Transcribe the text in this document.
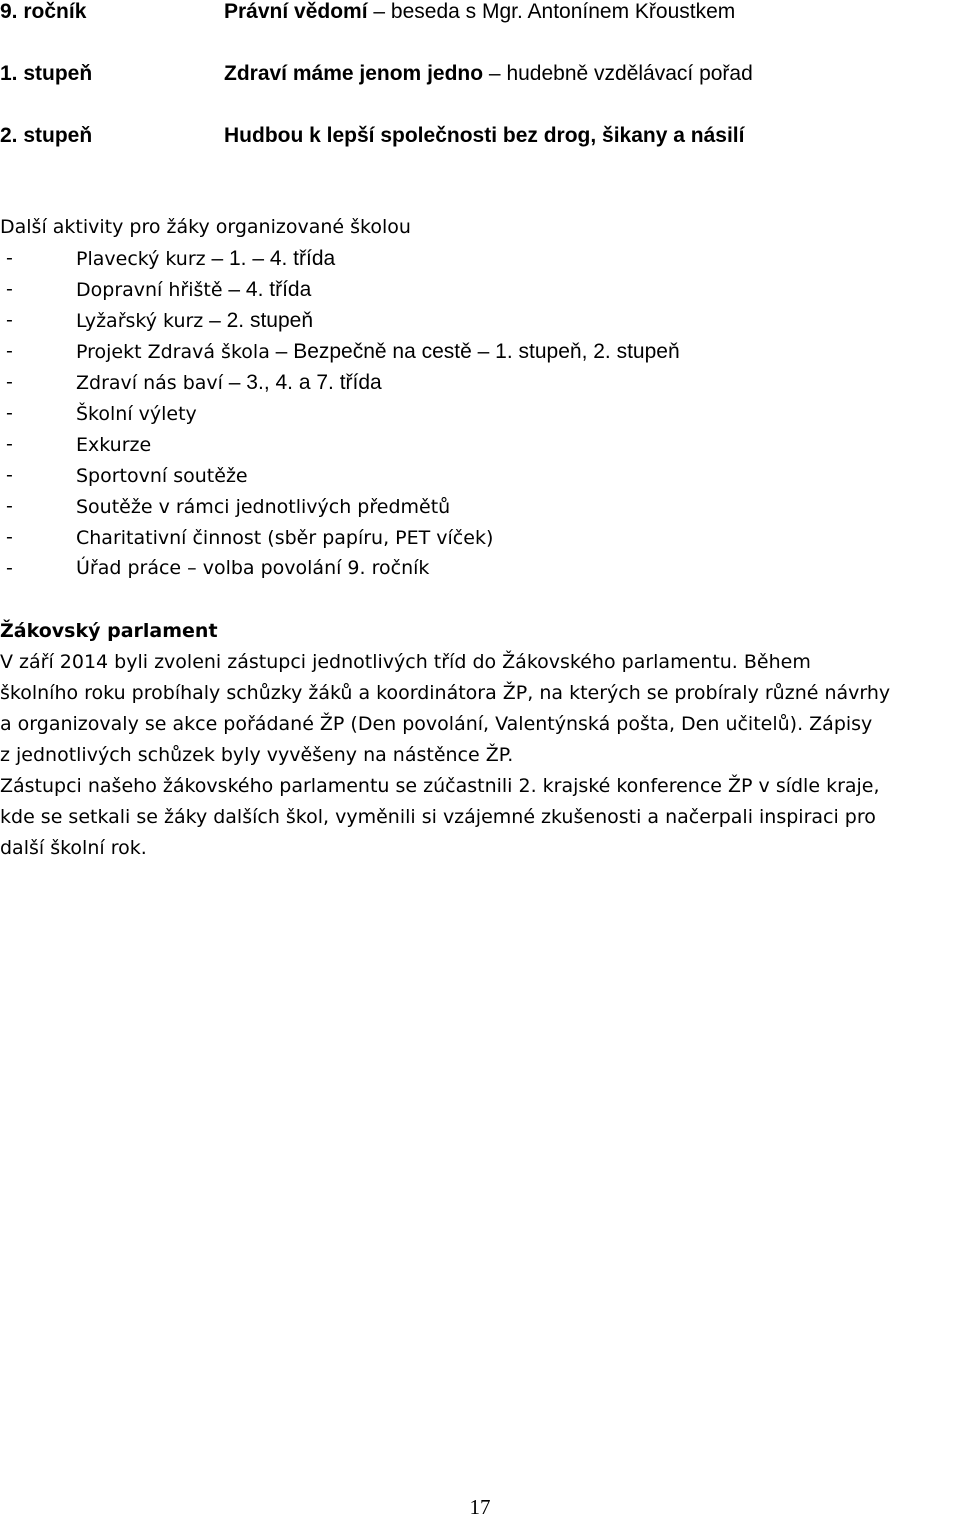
9. ročník	Právní vědomí – beseda s Mgr. Antonínem Křoustkem
1. stupeň	Zdraví máme jenom jedno – hudebně vzdělávací pořad
2. stupeň	Hudbou k lepší společnosti bez drog, šikany a násilí
Další aktivity pro žáky organizované školou
-	Plavecký kurz – 1. – 4. třída
-	Dopravní hřiště – 4. třída
-	Lyžařský kurz – 2. stupeň
-	Projekt Zdravá škola – Bezpečně na cestě – 1. stupeň, 2. stupeň
-	Zdraví nás baví – 3., 4. a 7. třída
-	Školní výlety
-	Exkurze
-	Sportovní soutěže
-	Soutěže v rámci jednotlivých předmětů
-	Charitativní činnost (sběr papíru, PET víček)
-	Úřad práce – volba povolání 9. ročník
Žákovský parlament
V září 2014 byli zvoleni zástupci jednotlivých tříd do Žákovského parlamentu. Během
školního roku probíhaly schůzky žáků a koordinátora ŽP, na kterých se probíraly různé návrhy
a organizovaly se akce pořádané ŽP (Den povolání, Valentýnská pošta, Den učitelů). Zápisy
z jednotlivých schůzek byly vyvěšeny na nástěnce ŽP.
Zástupci našeho žákovského parlamentu se zúčastnili 2. krajské konference ŽP v sídle kraje,
kde se setkali se žáky dalších škol, vyměnili si vzájemné zkušenosti a načerpali inspiraci pro
další školní rok.
17
